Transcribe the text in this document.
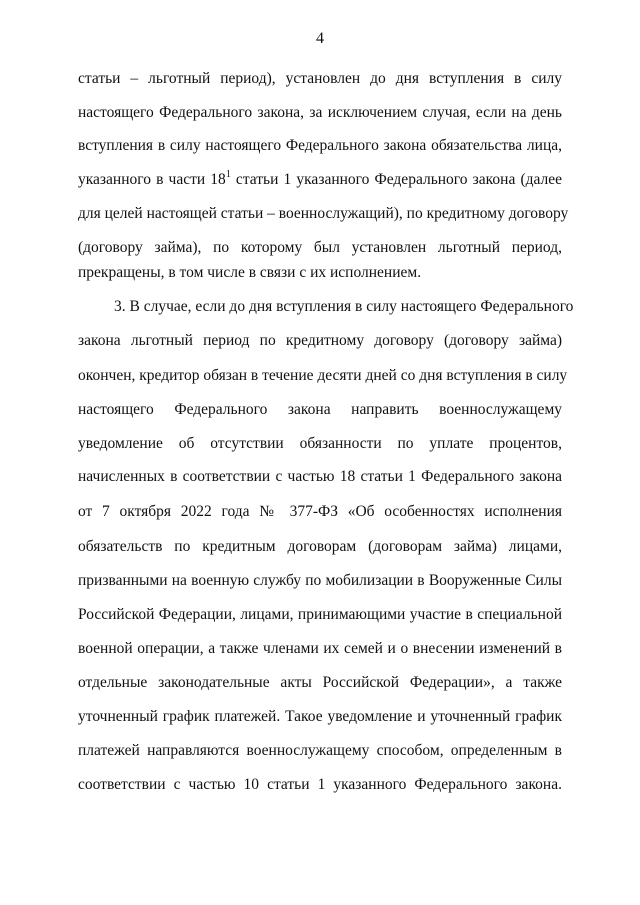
4
статьи – льготный период), установлен до дня вступления в силу
настоящего Федерального закона, за исключением случая, если на день
вступления в силу настоящего Федерального закона обязательства лица,
указанного в части $18^1$ статьи 1 указанного Федерального закона (далее
для целей настоящей статьи – военнослужащий), по кредитному договору
(договору займа), по которому был установлен льготный период,
прекращены, в том числе в связи с их исполнением.
3. В случае, если до дня вступления в силу настоящего Федерального
закона льготный период по кредитному договору (договору займа)
окончен, кредитор обязан в течение десяти дней со дня вступления в силу
настоящего Федерального закона направить военнослужащему
уведомление об отсутствии обязанности по уплате процентов,
начисленных в соответствии с частью 18 статьи 1 Федерального закона
от 7 октября 2022 года № 377-ФЗ «Об особенностях исполнения
обязательств по кредитным договорам (договорам займа) лицами,
призванными на военную службу по мобилизации в Вооруженные Силы
Российской Федерации, лицами, принимающими участие в специальной
военной операции, а также членами их семей и о внесении изменений в
отдельные законодательные акты Российской Федерации», а также
уточненный график платежей. Такое уведомление и уточненный график
платежей направляются военнослужащему способом, определенным в
соответствии с частью 10 статьи 1 указанного Федерального закона.
